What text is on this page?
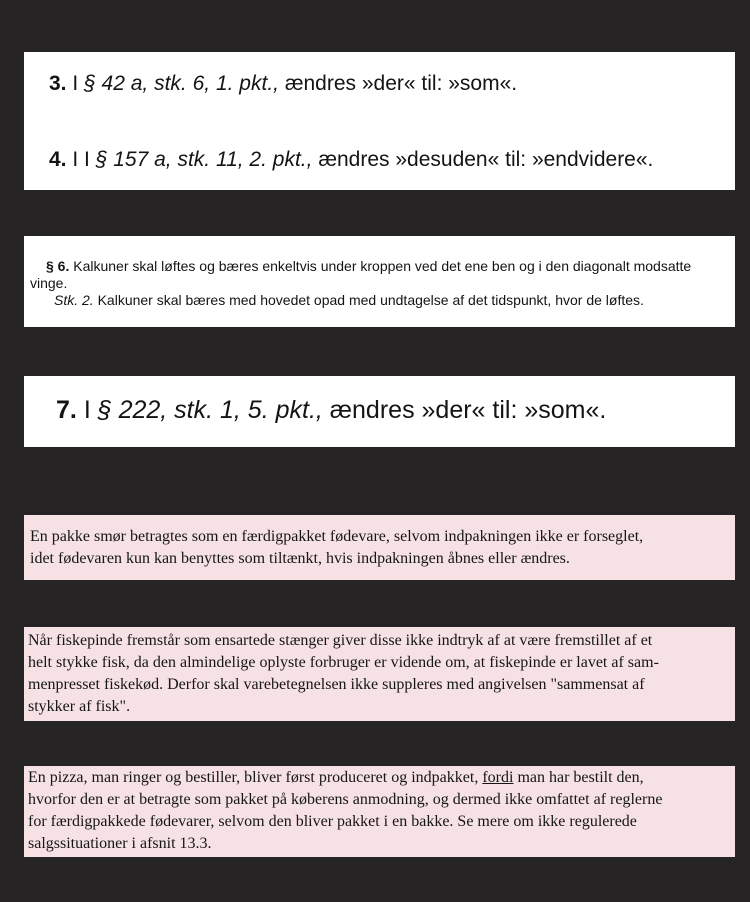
3. I § 42 a, stk. 6, 1. pkt., ændres »der« til: »som«.
4. I I § 157 a, stk. 11, 2. pkt., ændres »desuden« til: »endvidere«.
§ 6. Kalkuner skal løftes og bæres enkeltvis under kroppen ved det ene ben og i den diagonalt modsatte
vinge.
Stk. 2. Kalkuner skal bæres med hovedet opad med undtagelse af det tidspunkt, hvor de løftes.
7. I § 222, stk. 1, 5. pkt., ændres »der« til: »som«.
En pakke smør betragtes som en færdigpakket fødevare, selvom indpakningen ikke er forseglet,
idet fødevaren kun kan benyttes som tiltænkt, hvis indpakningen åbnes eller ændres.
Når fiskepinde fremstår som ensartede stænger giver disse ikke indtryk af at være fremstillet af et
helt stykke fisk, da den almindelige oplyste forbruger er vidende om, at fiskepinde er lavet af sam-
menpresset fiskekød. Derfor skal varebetegnelsen ikke suppleres med angivelsen "sammensat af
stykker af fisk".
En pizza, man ringer og bestiller, bliver først produceret og indpakket, fordi man har bestilt den,
hvorfor den er at betragte som pakket på køberens anmodning, og dermed ikke omfattet af reglerne
for færdigpakkede fødevarer, selvom den bliver pakket i en bakke. Se mere om ikke regulerede
salgssituationer i afsnit 13.3.
